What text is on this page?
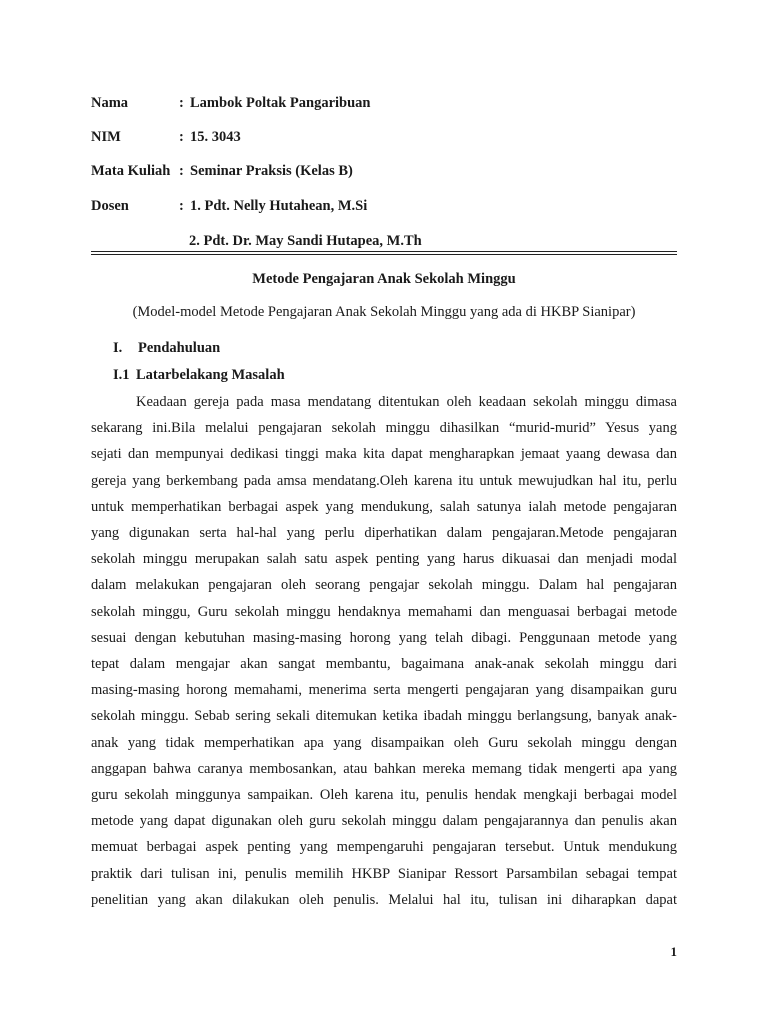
Nama	: Lambok Poltak Pangaribuan
NIM	: 15. 3043
Mata Kuliah : Seminar Praksis (Kelas B)
Dosen	: 1. Pdt. Nelly Hutahean, M.Si
2. Pdt. Dr. May Sandi Hutapea, M.Th
Metode Pengajaran Anak Sekolah Minggu
(Model-model Metode Pengajaran Anak Sekolah Minggu yang ada di HKBP Sianipar)
I. Pendahuluan
I.1 Latarbelakang Masalah
Keadaan gereja pada masa mendatang ditentukan oleh keadaan sekolah minggu dimasa
sekarang ini.Bila melalui pengajaran sekolah minggu dihasilkan “murid-murid” Yesus yang
sejati dan mempunyai dedikasi tinggi maka kita dapat mengharapkan jemaat yaang dewasa dan
gereja yang berkembang pada amsa mendatang.Oleh karena itu untuk mewujudkan hal itu, perlu
untuk memperhatikan berbagai aspek yang mendukung, salah satunya ialah metode pengajaran
yang digunakan serta hal-hal yang perlu diperhatikan dalam pengajaran.Metode pengajaran
sekolah minggu merupakan salah satu aspek penting yang harus dikuasai dan menjadi modal
dalam melakukan pengajaran oleh seorang pengajar sekolah minggu. Dalam hal pengajaran
sekolah minggu, Guru sekolah minggu hendaknya memahami dan menguasai berbagai metode
sesuai dengan kebutuhan masing-masing horong yang telah dibagi. Penggunaan metode yang
tepat dalam mengajar akan sangat membantu, bagaimana anak-anak sekolah minggu dari
masing-masing horong memahami, menerima serta mengerti pengajaran yang disampaikan guru
sekolah minggu. Sebab sering sekali ditemukan ketika ibadah minggu berlangsung, banyak anak-
anak yang tidak memperhatikan apa yang disampaikan oleh Guru sekolah minggu dengan
anggapan bahwa caranya membosankan, atau bahkan mereka memang tidak mengerti apa yang
guru sekolah minggunya sampaikan. Oleh karena itu, penulis hendak mengkaji berbagai model
metode yang dapat digunakan oleh guru sekolah minggu dalam pengajarannya dan penulis akan
memuat berbagai aspek penting yang mempengaruhi pengajaran tersebut. Untuk mendukung
praktik dari tulisan ini, penulis memilih HKBP Sianipar Ressort Parsambilan sebagai tempat
penelitian yang akan dilakukan oleh penulis. Melalui hal itu, tulisan ini diharapkan dapat
1
